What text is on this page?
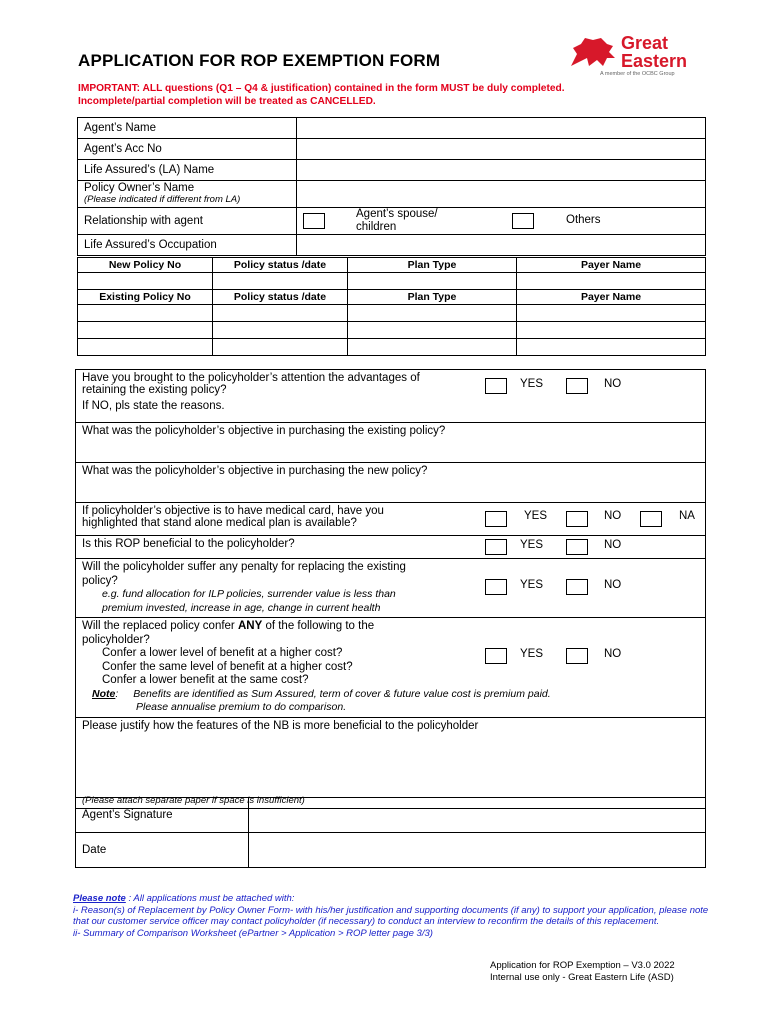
APPLICATION FOR ROP EXEMPTION FORM
IMPORTANT: ALL questions (Q1 – Q4 & justification) contained in the form MUST be duly completed.
Incomplete/partial completion will be treated as CANCELLED.
Great
Eastern
A member of the OCBC Group
Agent’s Name	
Agent’s Acc No	
Life Assured’s (LA) Name	
Policy Owner’s Name
(Please indicated if different from LA)	

Relationship with agent	Agent’s spouse/ children
Others

Life Assured’s Occupation	
New Policy No	Policy status /date	Plan Type	Payer Name

Existing Policy No	Policy status /date	Plan Type	Payer Name

Have you brought to the policyholder’s attention the advantages of
retaining the existing policy?
If NO, pls state the reasons.
YES	NO

What was the policyholder’s objective in purchasing the existing policy?
What was the policyholder’s objective in purchasing the new policy?

If policyholder’s objective is to have medical card, have you
highlighted that stand alone medical plan is available?
YES	NO	NA

Is this ROP beneficial to the policyholder?	YES	NO

Will the policyholder suffer any penalty for replacing the existing
policy?
e.g. fund allocation for ILP policies, surrender value is less than
premium invested, increase in age, change in current health
YES	NO

Will the replaced policy confer ANY of the following to the
policyholder?
Confer a lower level of benefit at a higher cost?
Confer the same level of benefit at a higher cost?
Confer a lower benefit at the same cost?
Note: Benefits are identified as Sum Assured, term of cover & future value cost is premium paid.
Please annualise premium to do comparison.
YES	NO

Please justify how the features of the NB is more beneficial to the policyholder
(Please attach separate paper if space is insufficient)
Agent’s Signature	
Date	
Please note : All applications must be attached with:
i- Reason(s) of Replacement by Policy Owner Form- with his/her justification and supporting documents (if any) to support your application, please note that our customer service officer may contact policyholder (if necessary) to conduct an interview to reconfirm the details of this replacement.
ii- Summary of Comparison Worksheet (ePartner > Application > ROP letter page 3/3)
Application for ROP Exemption – V3.0 2022
Internal use only - Great Eastern Life (ASD)
